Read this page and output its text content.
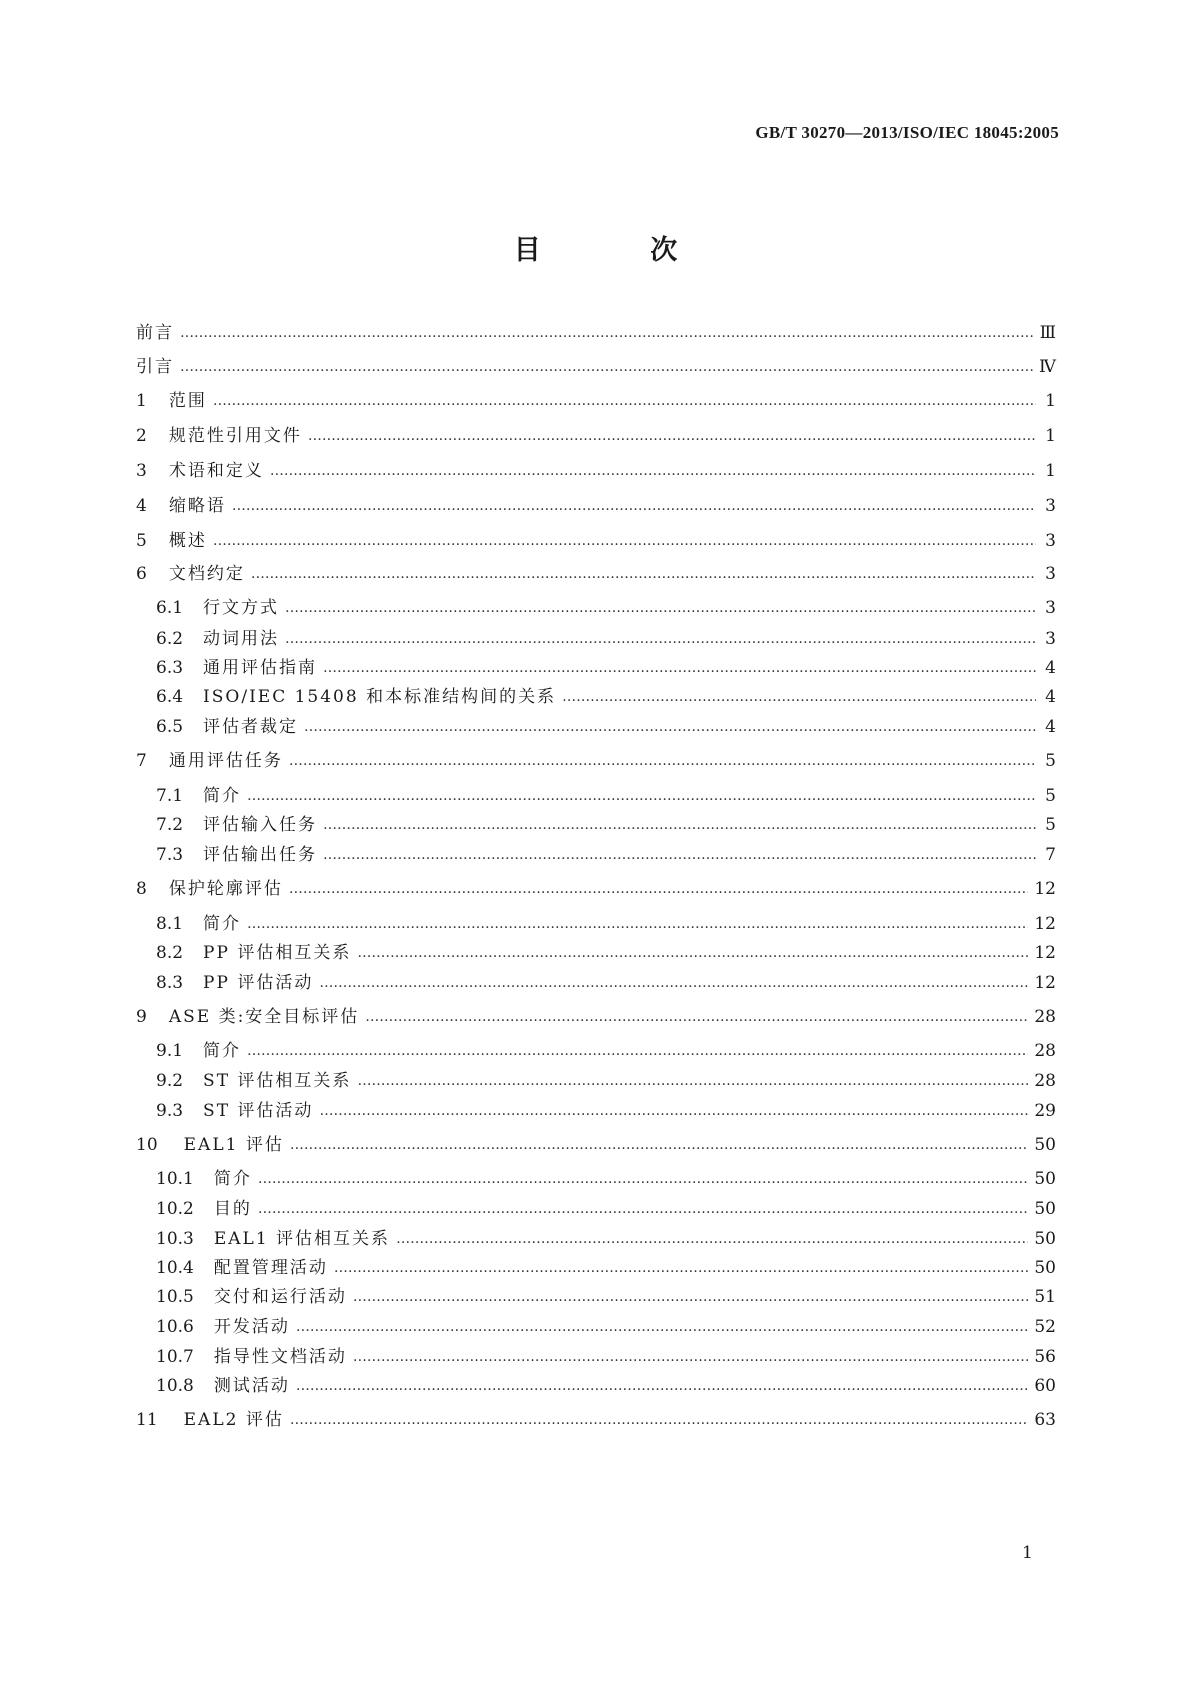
GB/T 30270—2013/ISO/IEC 18045:2005
目 次
前言 …………………………………………………………………………………………………………………………………………………………………………………………………………………………	Ⅲ
引言 …………………………………………………………………………………………………………………………………………………………………………………………………………………………	Ⅳ
1 范围 …………………………………………………………………………………………………………………………………………………………………………………………………………………………	1
2 规范性引用文件 …………………………………………………………………………………………………………………………………………………………………………………………………………………………	1
3 术语和定义 …………………………………………………………………………………………………………………………………………………………………………………………………………………………	1
4 缩略语 …………………………………………………………………………………………………………………………………………………………………………………………………………………………	3
5 概述 …………………………………………………………………………………………………………………………………………………………………………………………………………………………	3
6 文档约定 …………………………………………………………………………………………………………………………………………………………………………………………………………………………	3
6.1 行文方式 …………………………………………………………………………………………………………………………………………………………………………………………………………………………	3
6.2 动词用法 …………………………………………………………………………………………………………………………………………………………………………………………………………………………	3
6.3 通用评估指南 …………………………………………………………………………………………………………………………………………………………………………………………………………………………	4
6.4 ISO/IEC 15408 和本标准结构间的关系 …………………………………………………………………………………………………………………………………………………………………………………………………………………………	4
6.5 评估者裁定 …………………………………………………………………………………………………………………………………………………………………………………………………………………………	4
7 通用评估任务 …………………………………………………………………………………………………………………………………………………………………………………………………………………………	5
7.1 简介 …………………………………………………………………………………………………………………………………………………………………………………………………………………………	5
7.2 评估输入任务 …………………………………………………………………………………………………………………………………………………………………………………………………………………………	5
7.3 评估输出任务 …………………………………………………………………………………………………………………………………………………………………………………………………………………………	7
8 保护轮廓评估 …………………………………………………………………………………………………………………………………………………………………………………………………………………………	12
8.1 简介 …………………………………………………………………………………………………………………………………………………………………………………………………………………………	12
8.2 PP 评估相互关系 …………………………………………………………………………………………………………………………………………………………………………………………………………………………	12
8.3 PP 评估活动 …………………………………………………………………………………………………………………………………………………………………………………………………………………………	12
9 ASE 类:安全目标评估 …………………………………………………………………………………………………………………………………………………………………………………………………………………………	28
9.1 简介 …………………………………………………………………………………………………………………………………………………………………………………………………………………………	28
9.2 ST 评估相互关系 …………………………………………………………………………………………………………………………………………………………………………………………………………………………	28
9.3 ST 评估活动 …………………………………………………………………………………………………………………………………………………………………………………………………………………………	29
10 EAL1 评估 …………………………………………………………………………………………………………………………………………………………………………………………………………………………	50
10.1 简介 …………………………………………………………………………………………………………………………………………………………………………………………………………………………	50
10.2 目的 …………………………………………………………………………………………………………………………………………………………………………………………………………………………	50
10.3 EAL1 评估相互关系 …………………………………………………………………………………………………………………………………………………………………………………………………………………………	50
10.4 配置管理活动 …………………………………………………………………………………………………………………………………………………………………………………………………………………………	50
10.5 交付和运行活动 …………………………………………………………………………………………………………………………………………………………………………………………………………………………	51
10.6 开发活动 …………………………………………………………………………………………………………………………………………………………………………………………………………………………	52
10.7 指导性文档活动 …………………………………………………………………………………………………………………………………………………………………………………………………………………………	56
10.8 测试活动 …………………………………………………………………………………………………………………………………………………………………………………………………………………………	60
11 EAL2 评估 …………………………………………………………………………………………………………………………………………………………………………………………………………………………	63
1
